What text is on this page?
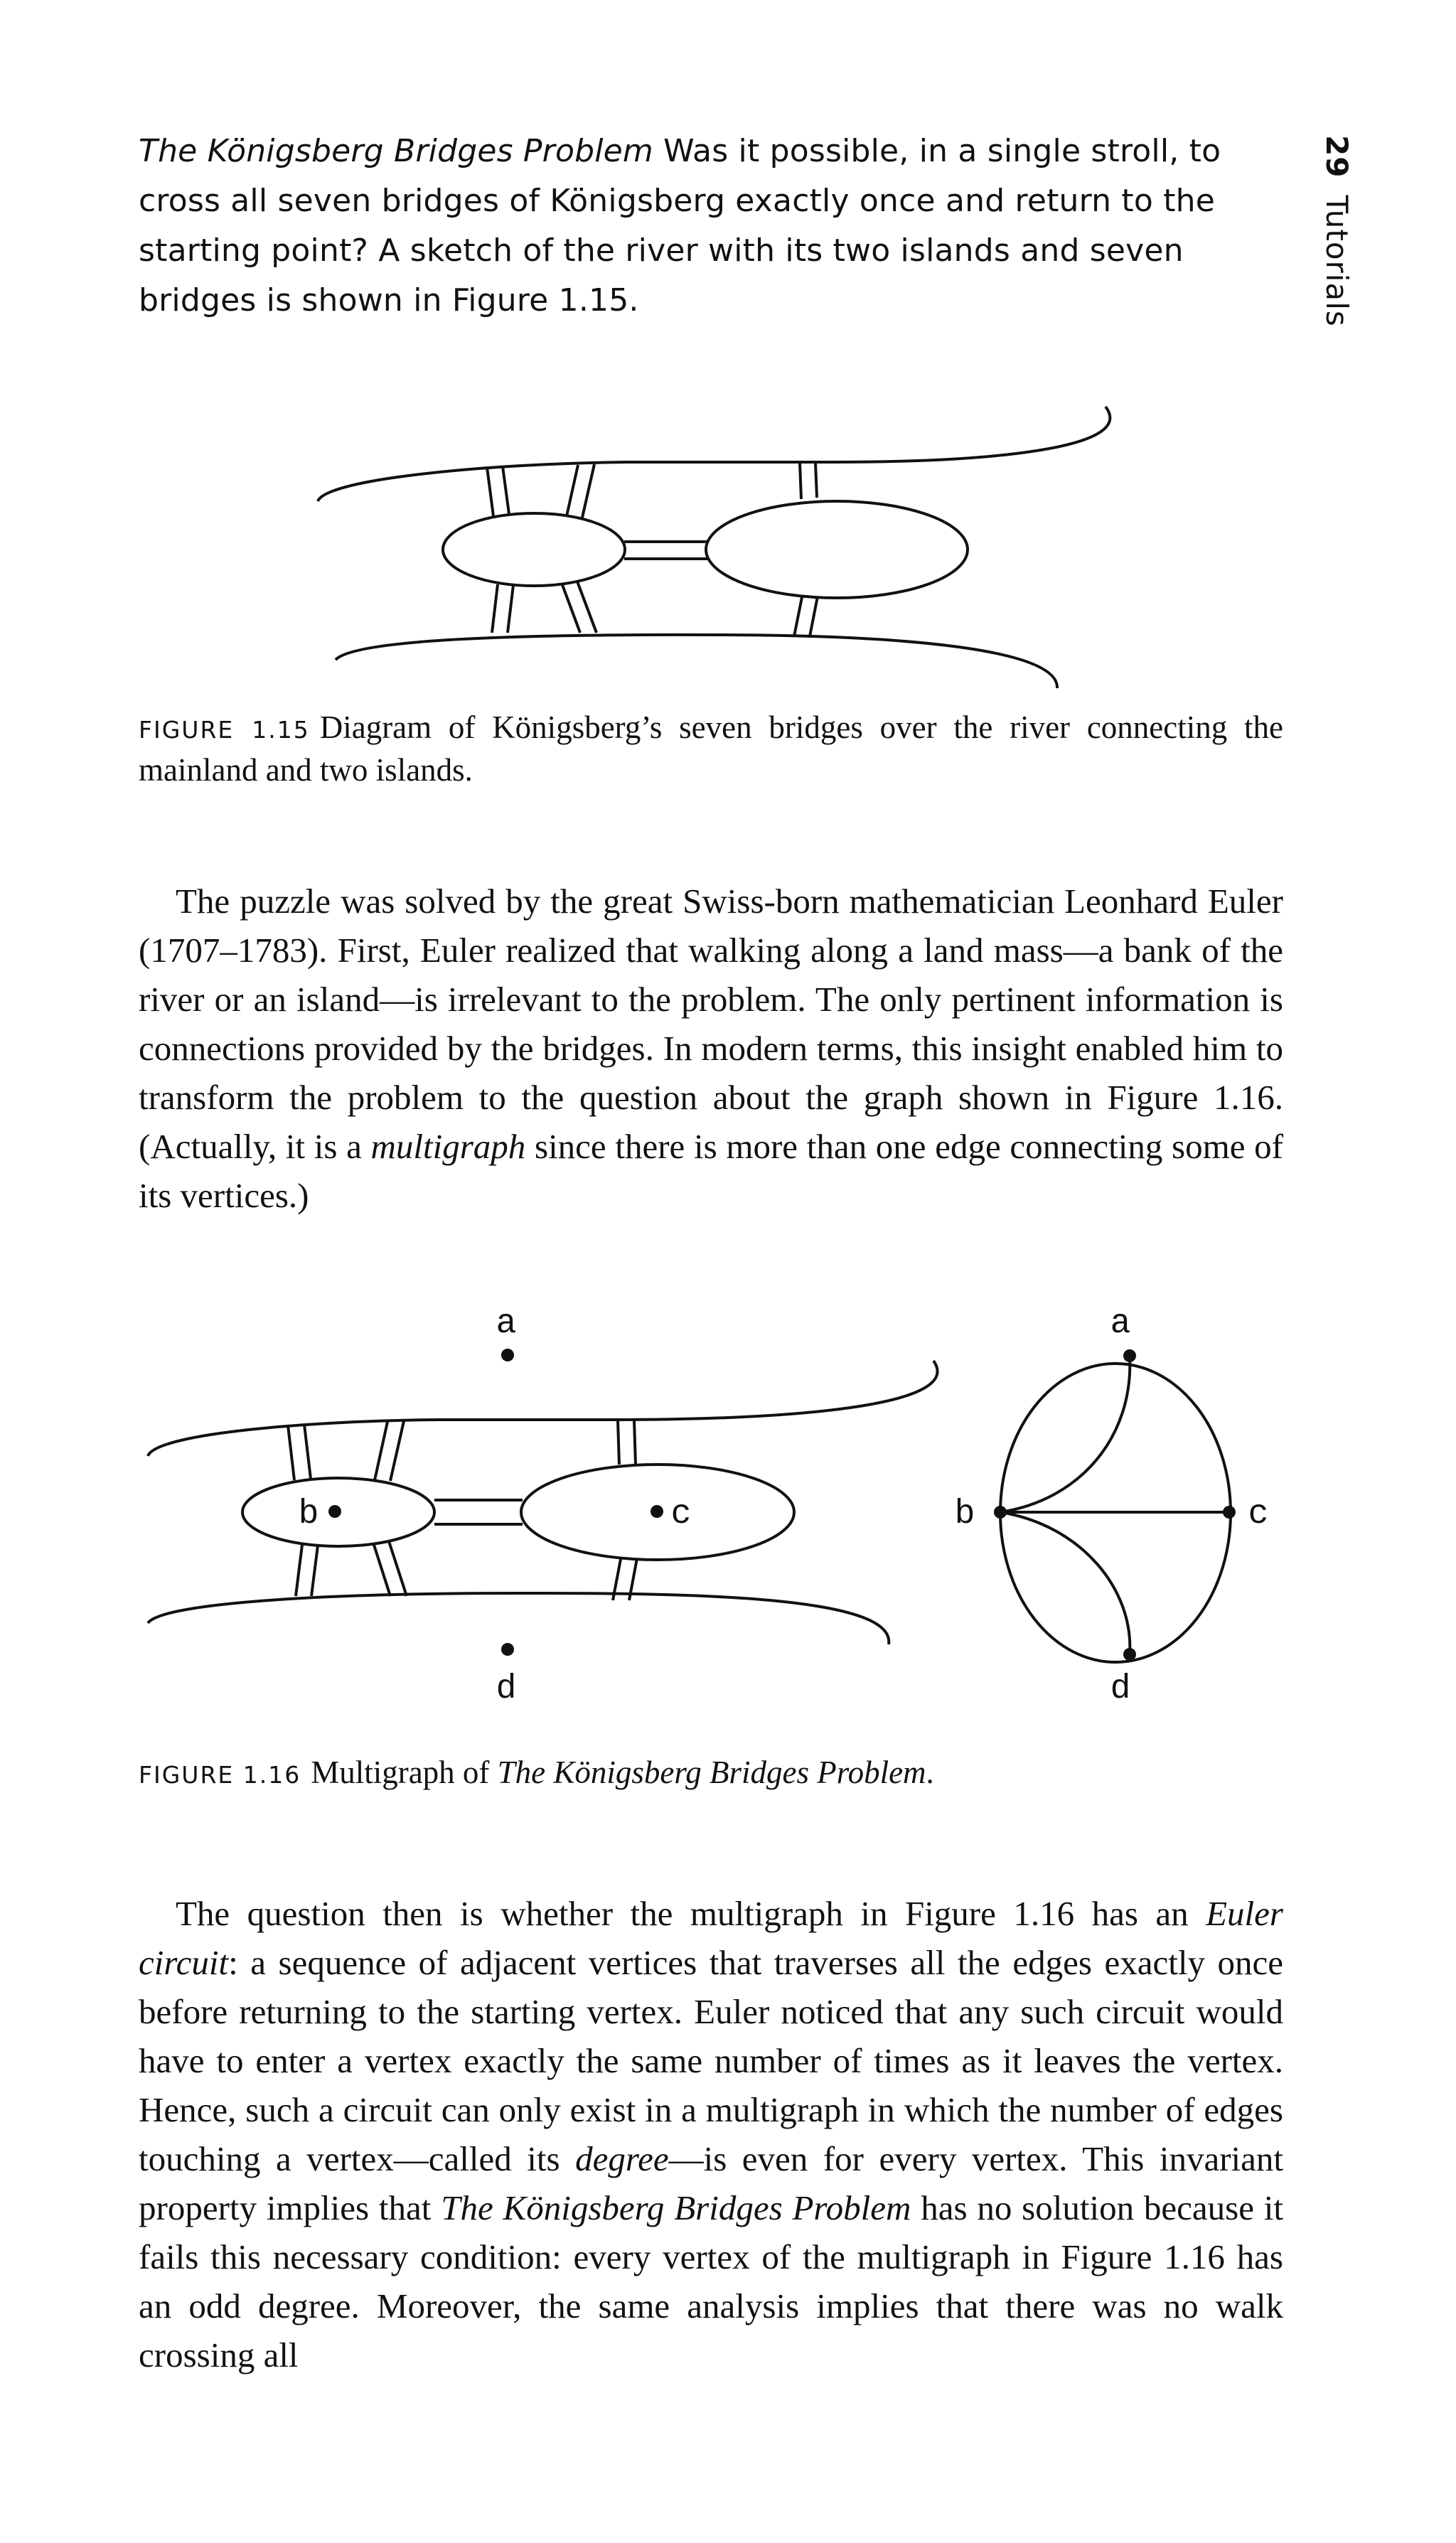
29Tutorials
The Königsberg Bridges Problem Was it possible, in a single stroll, to cross all seven bridges of Königsberg exactly once and return to the starting point? A sketch of the river with its two islands and seven bridges is shown in Figure 1.15.
FIGURE 1.15 Diagram of Königsberg’s seven bridges over the river connecting the mainland and two islands.
The puzzle was solved by the great Swiss-born mathematician Leonhard Euler (1707–1783). First, Euler realized that walking along a land mass—a bank of the river or an island—is irrelevant to the problem. The only pertinent information is connections provided by the bridges. In modern terms, this insight enabled him to transform the problem to the question about the graph shown in Figure 1.16. (Actually, it is a multigraph since there is more than one edge connecting some of its vertices.)
a
b	c
d
a
b	c
d
FIGURE 1.16 Multigraph of The Königsberg Bridges Problem.
The question then is whether the multigraph in Figure 1.16 has an Euler circuit: a sequence of adjacent vertices that traverses all the edges exactly once before returning to the starting vertex. Euler noticed that any such circuit would have to enter a vertex exactly the same number of times as it leaves the vertex. Hence, such a circuit can only exist in a multigraph in which the number of edges touching a vertex—called its degree—is even for every vertex. This invariant property implies that The Königsberg Bridges Problem has no solution because it fails this necessary condition: every vertex of the multigraph in Figure 1.16 has an odd degree. Moreover, the same analysis implies that there was no walk crossing all
